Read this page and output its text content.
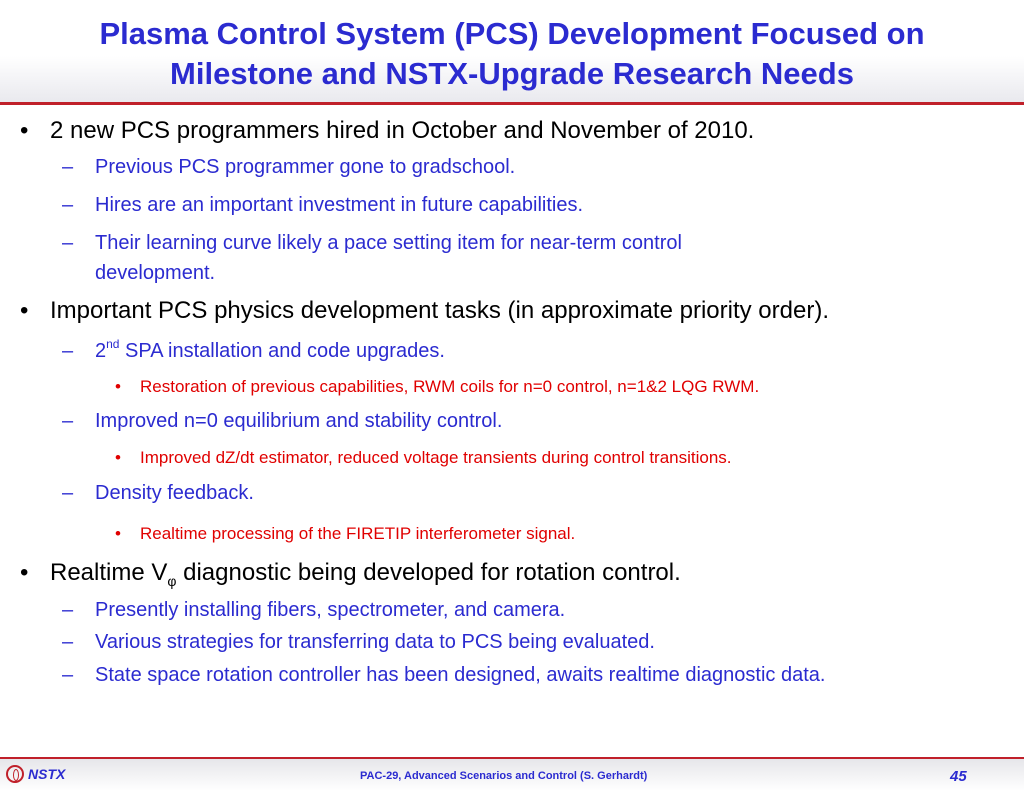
Plasma Control System (PCS) Development Focused on
Milestone and NSTX-Upgrade Research Needs

• 2 new PCS programmers hired in October and November of 2010.

– Previous PCS programmer gone to gradschool.

– Hires are an important investment in future capabilities.

– Their learning curve likely a pace setting item for near-term control
development.

• Important PCS physics development tasks (in approximate priority order).

– 2nd SPA installation and code upgrades.

• Restoration of previous capabilities, RWM coils for n=0 control, n=1&2 LQG RWM.

– Improved n=0 equilibrium and stability control.

• Improved dZ/dt estimator, reduced voltage transients during control transitions.

– Density feedback.

• Realtime processing of the FIRETIP interferometer signal.

• Realtime $V_\varphi$ diagnostic being developed for rotation control.

– Presently installing fibers, spectrometer, and camera.

– Various strategies for transferring data to PCS being evaluated.

– State space rotation controller has been designed, awaits realtime diagnostic data.

NSTX	PAC-29, Advanced Scenarios and Control (S. Gerhardt)	45
